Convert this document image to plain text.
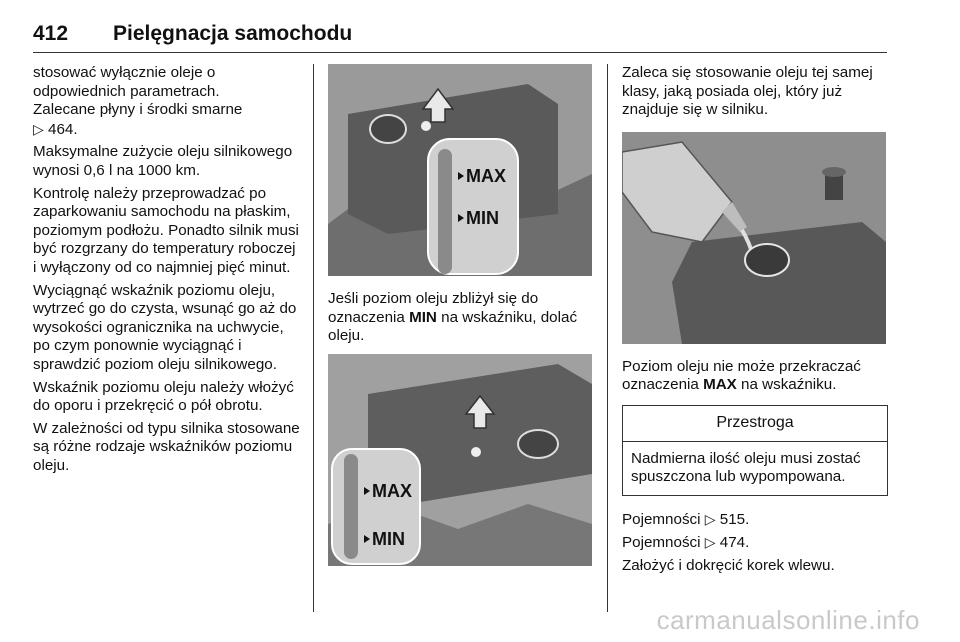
412 Pielęgnacja samochodu

stosować wyłącznie oleje o odpowiednich parametrach.

Zalecane płyny i środki smarne
▷ 464.

Maksymalne zużycie oleju silnikowego wynosi 0,6 l na 1000 km.

Kontrolę należy przeprowadzać po zaparkowaniu samochodu na płaskim, poziomym podłożu. Ponadto silnik musi być rozgrzany do temperatury roboczej i wyłączony od co najmniej pięć minut.

Wyciągnąć wskaźnik poziomu oleju, wytrzeć go do czysta, wsunąć go aż do wysokości ogranicznika na uchwycie, po czym ponownie wyciągnąć i sprawdzić poziom oleju silnikowego.

Wskaźnik poziomu oleju należy włożyć do oporu i przekręcić o pół obrotu.

W zależności od typu silnika stosowane są różne rodzaje wskaźników poziomu oleju.

MAX
MIN

Jeśli poziom oleju zbliżył się do oznaczenia MIN na wskaźniku, dolać oleju.

MAX
MIN

Zaleca się stosowanie oleju tej samej klasy, jaką posiada olej, który już znajduje się w silniku.

Poziom oleju nie może przekraczać oznaczenia MAX na wskaźniku.

Przestroga
Nadmierna ilość oleju musi zostać spuszczona lub wypompowana.

Pojemności ▷ 515.

Pojemności ▷ 474.

Założyć i dokręcić korek wlewu.

carmanualsonline.info
